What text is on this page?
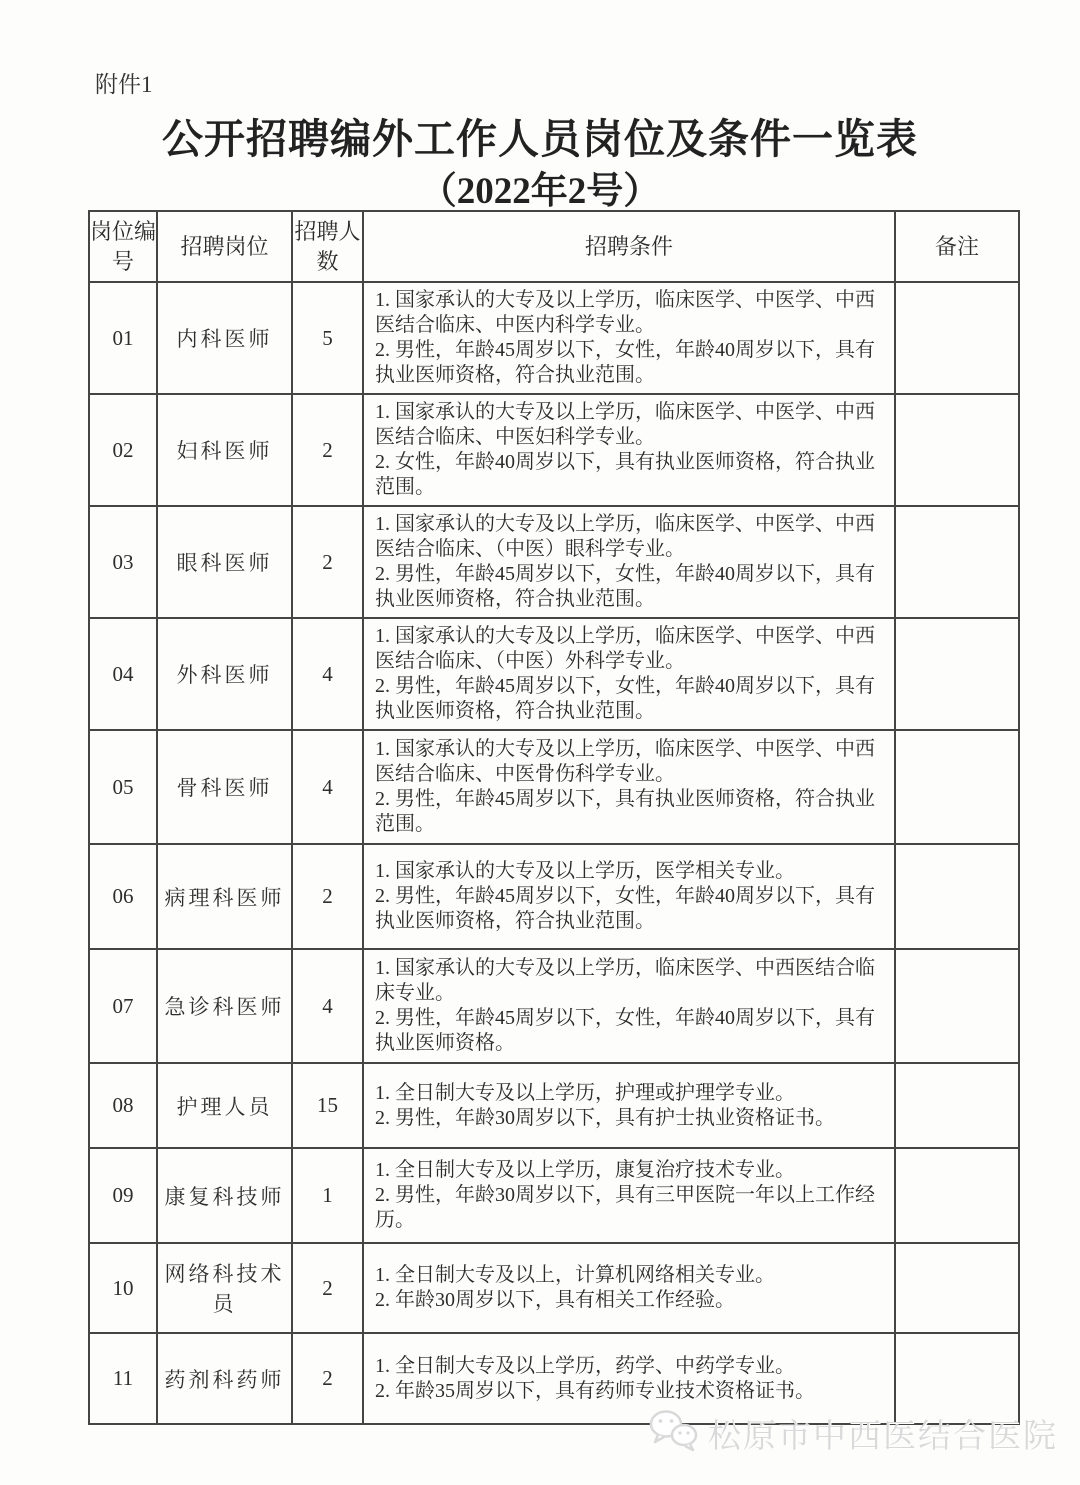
附件1
公开招聘编外工作人员岗位及条件一览表
（2022年2号）
岗位编号	招聘岗位	招聘人数	招聘条件	备注
01	内科医师	5	1. 国家承认的大专及以上学历，临床医学、中医学、中西医结合临床、中医内科学专业。
2. 男性，年龄45周岁以下，女性，年龄40周岁以下，具有执业医师资格，符合执业范围。	

02	妇科医师	2	1. 国家承认的大专及以上学历，临床医学、中医学、中西医结合临床、中医妇科学专业。
2. 女性，年龄40周岁以下，具有执业医师资格，符合执业范围。	

03	眼科医师	2	1. 国家承认的大专及以上学历，临床医学、中医学、中西医结合临床、（中医）眼科学专业。
2. 男性，年龄45周岁以下，女性，年龄40周岁以下，具有执业医师资格，符合执业范围。	

04	外科医师	4	1. 国家承认的大专及以上学历，临床医学、中医学、中西医结合临床、（中医）外科学专业。
2. 男性，年龄45周岁以下，女性，年龄40周岁以下，具有执业医师资格，符合执业范围。	

05	骨科医师	4	1. 国家承认的大专及以上学历，临床医学、中医学、中西医结合临床、中医骨伤科学专业。
2. 男性，年龄45周岁以下，具有执业医师资格，符合执业范围。	

06	病理科医师	2	1. 国家承认的大专及以上学历，医学相关专业。
2. 男性，年龄45周岁以下，女性，年龄40周岁以下，具有执业医师资格，符合执业范围。	

07	急诊科医师	4	1. 国家承认的大专及以上学历，临床医学、中西医结合临床专业。
2. 男性，年龄45周岁以下，女性，年龄40周岁以下，具有执业医师资格。	

08	护理人员	15	1. 全日制大专及以上学历，护理或护理学专业。
2. 男性，年龄30周岁以下，具有护士执业资格证书。	

09	康复科技师	1	1. 全日制大专及以上学历，康复治疗技术专业。
2. 男性，年龄30周岁以下，具有三甲医院一年以上工作经历。	

10	网络科技术员	2	1. 全日制大专及以上，计算机网络相关专业。
2. 年龄30周岁以下，具有相关工作经验。	

11	药剂科药师	2	1. 全日制大专及以上学历，药学、中药学专业。
2. 年龄35周岁以下，具有药师专业技术资格证书。	

松原市中西医结合医院
